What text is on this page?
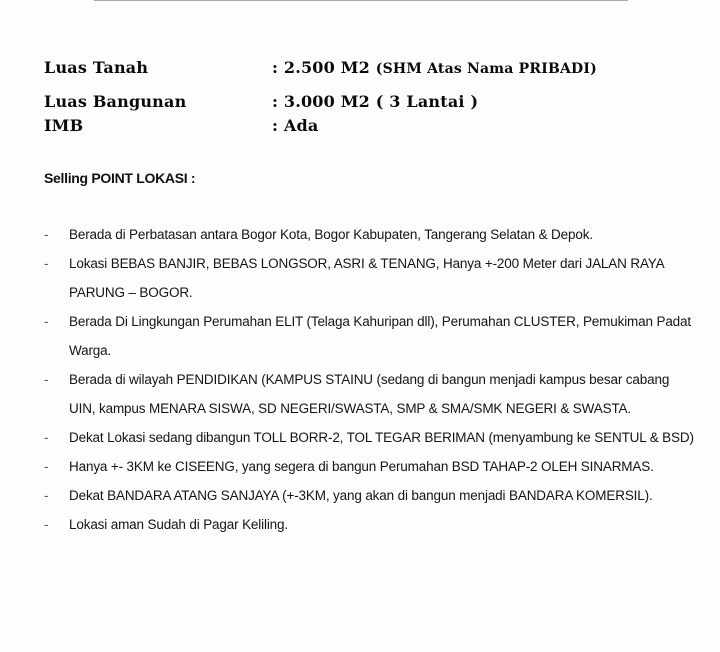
Luas Tanah	: 2.500 M2 (SHM Atas Nama PRIBADI)
Luas Bangunan	: 3.000 M2 ( 3 Lantai )
IMB	: Ada
Selling POINT LOKASI :
- Berada di Perbatasan antara Bogor Kota, Bogor Kabupaten, Tangerang Selatan & Depok.
- Lokasi BEBAS BANJIR, BEBAS LONGSOR, ASRI & TENANG, Hanya +-200 Meter dari JALAN RAYA PARUNG – BOGOR.
- Berada Di Lingkungan Perumahan ELIT (Telaga Kahuripan dll), Perumahan CLUSTER, Pemukiman Padat Warga.
- Berada di wilayah PENDIDIKAN (KAMPUS STAINU (sedang di bangun menjadi kampus besar cabang UIN, kampus MENARA SISWA, SD NEGERI/SWASTA, SMP & SMA/SMK NEGERI & SWASTA.
- Dekat Lokasi sedang dibangun TOLL BORR-2, TOL TEGAR BERIMAN (menyambung ke SENTUL & BSD)
- Hanya +- 3KM ke CISEENG, yang segera di bangun Perumahan BSD TAHAP-2 OLEH SINARMAS.
- Dekat BANDARA ATANG SANJAYA (+-3KM, yang akan di bangun menjadi BANDARA KOMERSIL).
- Lokasi aman Sudah di Pagar Keliling.
